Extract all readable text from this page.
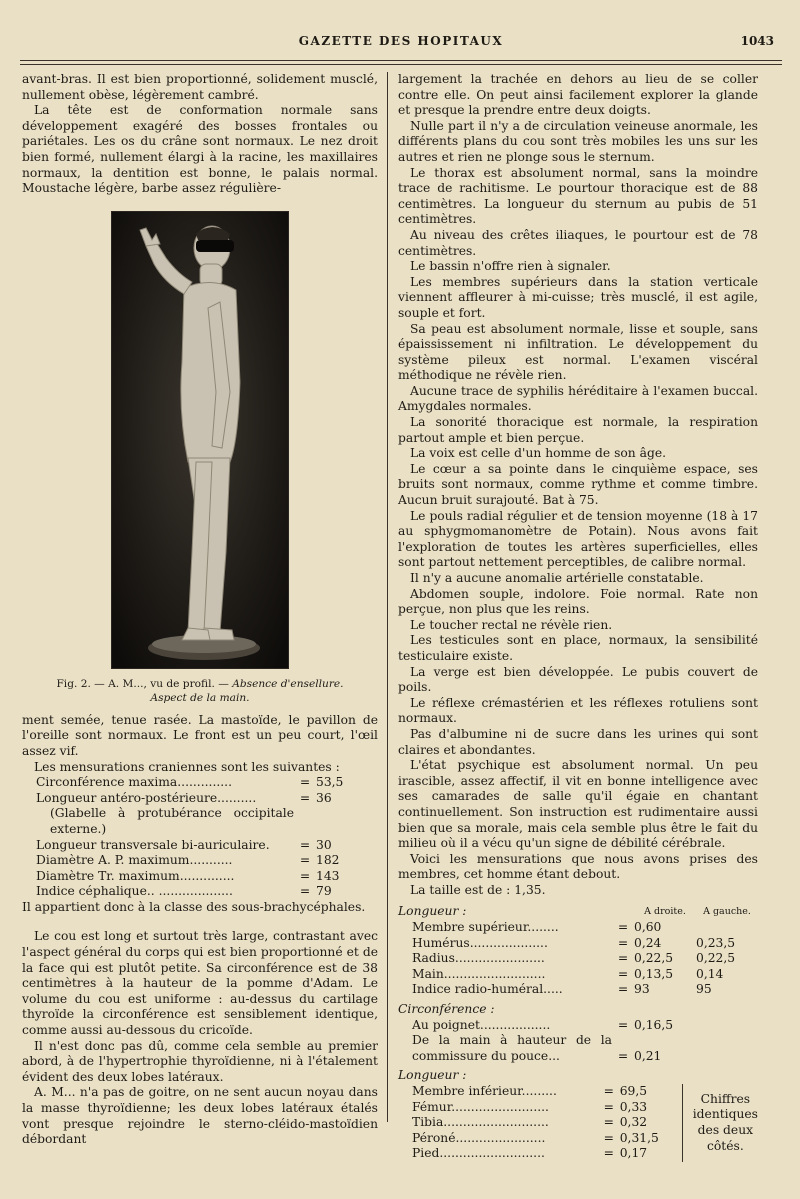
GAZETTE DES HOPITAUX	1043

avant-bras. Il est bien proportionné, solidement musclé, nullement obèse, légèrement cambré.

La tête est de conformation normale sans développement exagéré des bosses frontales ou pariétales. Les os du crâne sont normaux. Le nez droit bien formé, nullement élargi à la racine, les maxillaires normaux, la dentition est bonne, le palais normal. Moustache légère, barbe assez régulière-

Fig. 2. — A. M..., vu de profil. — Absence d'ensellure. Aspect de la main.

ment semée, tenue rasée. La mastoïde, le pavillon de l'oreille sont normaux. Le front est un peu court, l'œil assez vif.

Les mensurations craniennes sont les suivantes :

Circonférence maxima..............	=	53,5
Longueur antéro-postérieure..........	=	36
(Glabelle à protubérance occipitale externe.)		
Longueur transversale bi-auriculaire.	=	30
Diamètre A. P. maximum...........	=	182
Diamètre Tr. maximum..............	=	143
Indice céphalique.. ...................	=	79

Il appartient donc à la classe des sous-brachycéphales.

Le cou est long et surtout très large, contrastant avec l'aspect général du corps qui est bien proportionné et de la face qui est plutôt petite. Sa circonférence est de 38 centimètres à la hauteur de la pomme d'Adam. Le volume du cou est uniforme : au-dessus du cartilage thyroïde la circonférence est sensiblement identique, comme aussi au-dessous du cricoïde.

Il n'est donc pas dû, comme cela semble au premier abord, à de l'hypertrophie thyroïdienne, ni à l'étalement évident des deux lobes latéraux.

A. M... n'a pas de goitre, on ne sent aucun noyau dans la masse thyroïdienne; les deux lobes latéraux étalés vont presque rejoindre le sterno-cléido-mastoïdien débordant

largement la trachée en dehors au lieu de se coller contre elle. On peut ainsi facilement explorer la glande et presque la prendre entre deux doigts.

Nulle part il n'y a de circulation veineuse anormale, les différents plans du cou sont très mobiles les uns sur les autres et rien ne plonge sous le sternum.

Le thorax est absolument normal, sans la moindre trace de rachitisme. Le pourtour thoracique est de 88 centimètres. La longueur du sternum au pubis de 51 centimètres.

Au niveau des crêtes iliaques, le pourtour est de 78 centimètres.

Le bassin n'offre rien à signaler.

Les membres supérieurs dans la station verticale viennent affleurer à mi-cuisse; très musclé, il est agile, souple et fort.

Sa peau est absolument normale, lisse et souple, sans épaississement ni infiltration. Le développement du système pileux est normal. L'examen viscéral méthodique ne révèle rien.

Aucune trace de syphilis héréditaire à l'examen buccal. Amygdales normales.

La sonorité thoracique est normale, la respiration partout ample et bien perçue.

La voix est celle d'un homme de son âge.

Le cœur a sa pointe dans le cinquième espace, ses bruits sont normaux, comme rythme et comme timbre. Aucun bruit surajouté. Bat à 75.

Le pouls radial régulier et de tension moyenne (18 à 17 au sphygmomanomètre de Potain). Nous avons fait l'exploration de toutes les artères superficielles, elles sont partout nettement perceptibles, de calibre normal.

Il n'y a aucune anomalie artérielle constatable.

Abdomen souple, indolore. Foie normal. Rate non perçue, non plus que les reins.

Le toucher rectal ne révèle rien.

Les testicules sont en place, normaux, la sensibilité testiculaire existe.

La verge est bien développée. Le pubis couvert de poils.

Le réflexe crémastérien et les réflexes rotuliens sont normaux.

Pas d'albumine ni de sucre dans les urines qui sont claires et abondantes.

L'état psychique est absolument normal. Un peu irascible, assez affectif, il vit en bonne intelligence avec ses camarades de salle qu'il égaie en chantant continuellement. Son instruction est rudimentaire aussi bien que sa morale, mais cela semble plus être le fait du milieu où il a vécu qu'un signe de débilité cérébrale.

Voici les mensurations que nous avons prises des membres, cet homme étant debout.

La taille est de : 1,35.

Longueur :		A droite.	A gauche.
Membre supérieur........	=	0,60	
Humérus....................	=	0,24	0,23,5
Radius.......................	=	0,22,5	0,22,5
Main..........................	=	0,13,5	0,14
Indice radio-huméral.....	=	93	95
Circonférence :			
Au poignet..................	=	0,16,5	
De la main à hauteur de la commissure du pouce...	=	0,21	
Longueur :			
Membre inférieur.........	=	69,5	Chiffres identiques des deux côtés.
Fémur.........................	=	0,33	
Tibia...........................	=	0,32	
Péroné.......................	=	0,31,5	
Pied...........................	=	0,17	
